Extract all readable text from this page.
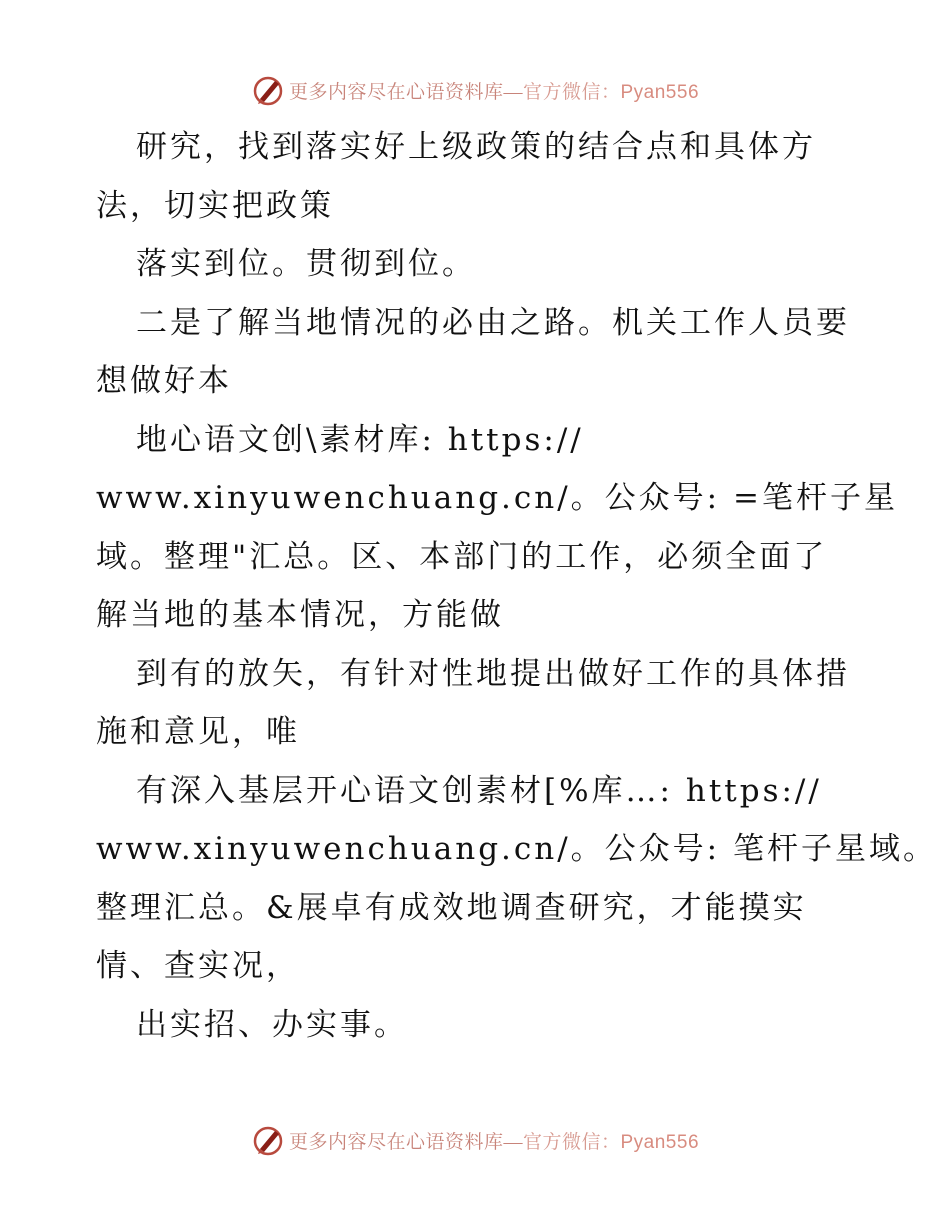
更多内容尽在心语资料库—官方微信：Pyan556
研究，找到落实好上级政策的结合点和具体方
法，切实把政策
落实到位。贯彻到位。
二是了解当地情况的必由之路。机关工作人员要
想做好本
地心语文创\素材库: https://
www.xinyuwenchuang.cn/。公众号: =笔杆子星
域。整理"汇总。区、本部门的工作，必须全面了
解当地的基本情况，方能做
到有的放矢，有针对性地提出做好工作的具体措
施和意见，唯
有深入基层开心语文创素材[%库…: https://
www.xinyuwenchuang.cn/。公众号: 笔杆子星域。
整理汇总。&展卓有成效地调查研究，才能摸实
情、查实况，
出实招、办实事。
更多内容尽在心语资料库—官方微信：Pyan556
